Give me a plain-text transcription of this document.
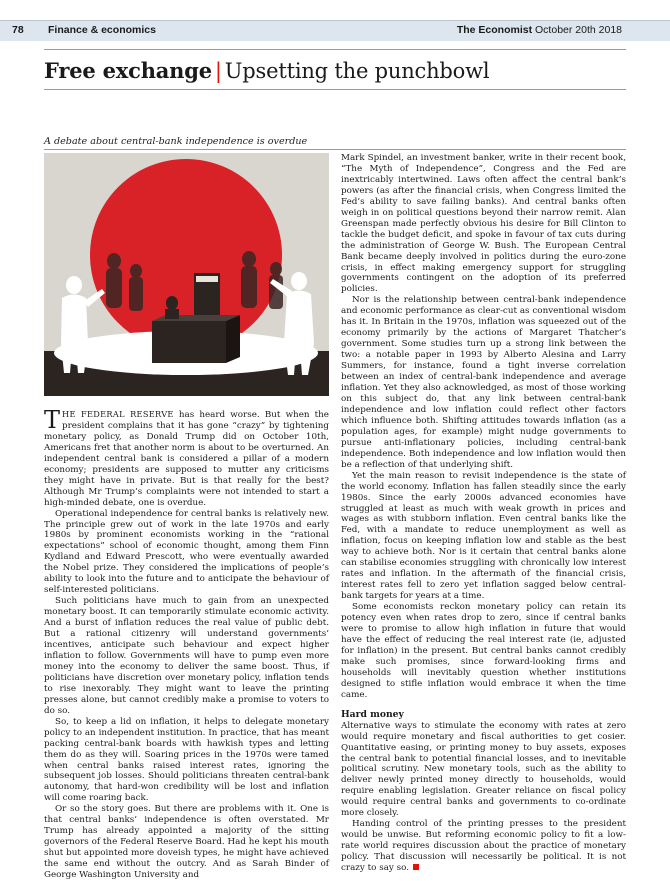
78 Finance & economics	The Economist October 20th 2018
Free exchange | Upsetting the punchbowl
A debate about central-bank independence is overdue

THE FEDERAL RESERVE has heard worse. But when the president complains that it has gone “crazy” by tightening monetary policy, as Donald Trump did on October 10th, Americans fret that another norm is about to be overturned. An independent central bank is considered a pillar of a modern economy; presidents are supposed to mutter any criticisms they might have in private. But is that really for the best? Although Mr Trump’s complaints were not intended to start a high-minded debate, one is overdue.

Operational independence for central banks is relatively new. The principle grew out of work in the late 1970s and early 1980s by prominent economists working in the “rational expectations” school of economic thought, among them Finn Kydland and Edward Prescott, who were eventually awarded the Nobel prize. They considered the implications of people’s ability to look into the future and to anticipate the behaviour of self-interested politicians.

Such politicians have much to gain from an unexpected monetary boost. It can temporarily stimulate economic activity. And a burst of inflation reduces the real value of public debt. But a rational citizenry will understand governments’ incentives, anticipate such behaviour and expect higher inflation to follow. Governments will have to pump even more money into the economy to deliver the same boost. Thus, if politicians have discretion over monetary policy, inflation tends to rise inexorably. They might want to leave the printing presses alone, but cannot credibly make a promise to voters to do so.

So, to keep a lid on inflation, it helps to delegate monetary policy to an independent institution. In practice, that has meant packing central-bank boards with hawkish types and letting them do as they will. Soaring prices in the 1970s were tamed when central banks raised interest rates, ignoring the subsequent job losses. Should politicians threaten central-bank autonomy, that hard-won credibility will be lost and inflation will come roaring back.

Or so the story goes. But there are problems with it. One is that central banks’ independence is often overstated. Mr Trump has already appointed a majority of the sitting governors of the Federal Reserve Board. Had he kept his mouth shut but appointed more doveish types, he might have achieved the same end without the outcry. And as Sarah Binder of George Washington University and

Mark Spindel, an investment banker, write in their recent book, “The Myth of Independence”, Congress and the Fed are inextricably intertwined. Laws often affect the central bank’s powers (as after the financial crisis, when Congress limited the Fed’s ability to save failing banks). And central banks often weigh in on political questions beyond their narrow remit. Alan Greenspan made perfectly obvious his desire for Bill Clinton to tackle the budget deficit, and spoke in favour of tax cuts during the administration of George W. Bush. The European Central Bank became deeply involved in politics during the euro-zone crisis, in effect making emergency support for struggling governments contingent on the adoption of its preferred policies.

Nor is the relationship between central-bank independence and economic performance as clear-cut as conventional wisdom has it. In Britain in the 1970s, inflation was squeezed out of the economy primarily by the actions of Margaret Thatcher’s government. Some studies turn up a strong link between the two: a notable paper in 1993 by Alberto Alesina and Larry Summers, for instance, found a tight inverse correlation between an index of central-bank independence and average inflation. Yet they also acknowledged, as most of those working on this subject do, that any link between central-bank independence and low inflation could reflect other factors which influence both. Shifting attitudes towards inflation (as a population ages, for example) might nudge governments to pursue anti-inflationary policies, including central-bank independence. Both independence and low inflation would then be a reflection of that underlying shift.

Yet the main reason to revisit independence is the state of the world economy. Inflation has fallen steadily since the early 1980s. Since the early 2000s advanced economies have struggled at least as much with weak growth in prices and wages as with stubborn inflation. Even central banks like the Fed, with a mandate to reduce unemployment as well as inflation, focus on keeping inflation low and stable as the best way to achieve both. Nor is it certain that central banks alone can stabilise economies struggling with chronically low interest rates and inflation. In the aftermath of the financial crisis, interest rates fell to zero yet inflation sagged below central-bank targets for years at a time.

Some economists reckon monetary policy can retain its potency even when rates drop to zero, since if central banks were to promise to allow high inflation in future that would have the effect of reducing the real interest rate (ie, adjusted for inflation) in the present. But central banks cannot credibly make such promises, since forward-looking firms and households will inevitably question whether institutions designed to stifle inflation would embrace it when the time came.

Hard money

Alternative ways to stimulate the economy with rates at zero would require monetary and fiscal authorities to get cosier. Quantitative easing, or printing money to buy assets, exposes the central bank to potential financial losses, and to inevitable political scrutiny. New monetary tools, such as the ability to deliver newly printed money directly to households, would require enabling legislation. Greater reliance on fiscal policy would require central banks and governments to co-ordinate more closely.

Handing control of the printing presses to the president would be unwise. But reforming economic policy to fit a low-rate world requires discussion about the practice of monetary policy. That discussion will necessarily be political. It is not crazy to say so.
